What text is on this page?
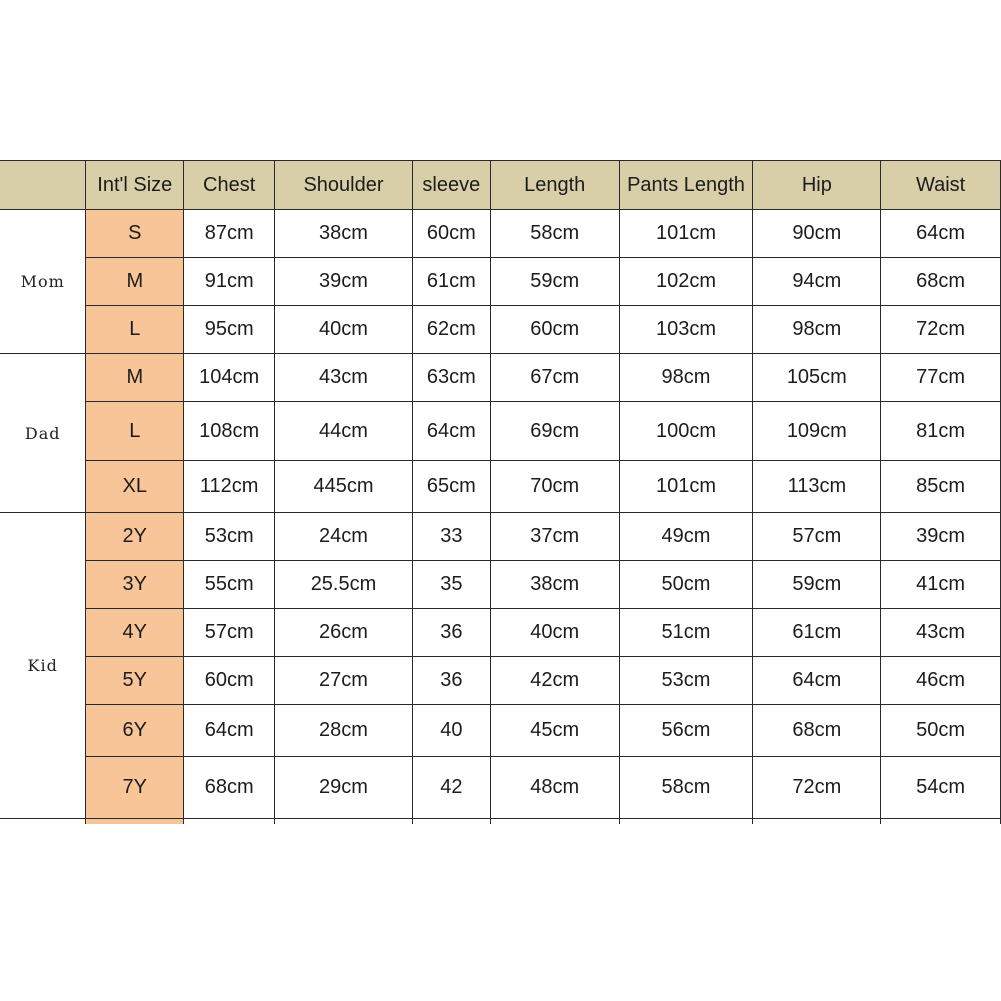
	Int'l Size	Chest	Shoulder	sleeve	Length	Pants Length	Hip	Waist
Mom	S	87cm	38cm	60cm	58cm	101cm	90cm	64cm
	M	91cm	39cm	61cm	59cm	102cm	94cm	68cm
	L	95cm	40cm	62cm	60cm	103cm	98cm	72cm
Dad	M	104cm	43cm	63cm	67cm	98cm	105cm	77cm
	L	108cm	44cm	64cm	69cm	100cm	109cm	81cm
	XL	112cm	445cm	65cm	70cm	101cm	113cm	85cm
Kid	2Y	53cm	24cm	33	37cm	49cm	57cm	39cm
	3Y	55cm	25.5cm	35	38cm	50cm	59cm	41cm
	4Y	57cm	26cm	36	40cm	51cm	61cm	43cm
	5Y	60cm	27cm	36	42cm	53cm	64cm	46cm
	6Y	64cm	28cm	40	45cm	56cm	68cm	50cm
	7Y	68cm	29cm	42	48cm	58cm	72cm	54cm
